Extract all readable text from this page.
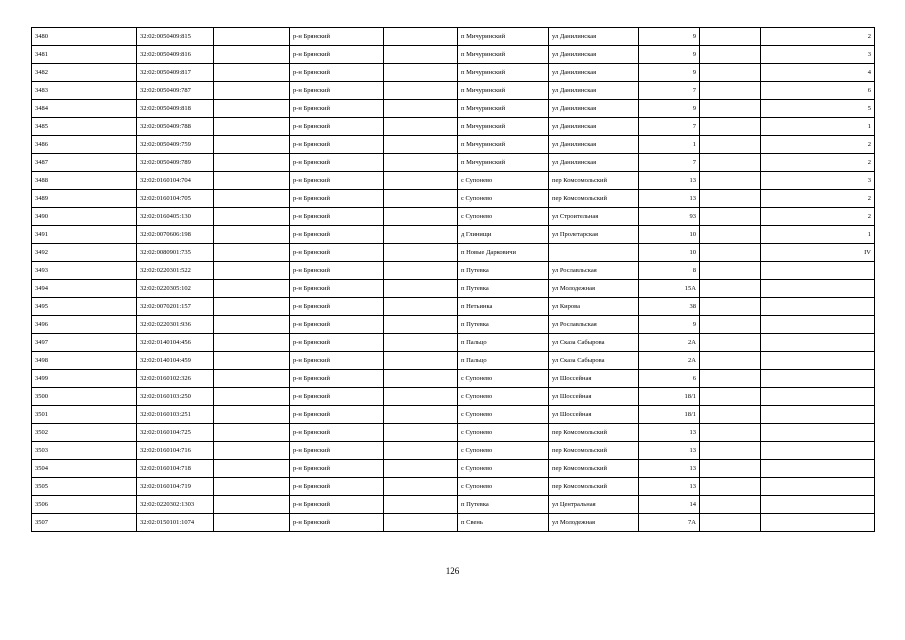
3480	32:02:0050409:815		р-н Брянский		п Мичуринский	ул Данилинская	9		2
3481	32:02:0050409:816		р-н Брянский		п Мичуринский	ул Данилинская	9		3
3482	32:02:0050409:817		р-н Брянский		п Мичуринский	ул Данилинская	9		4
3483	32:02:0050409:787		р-н Брянский		п Мичуринский	ул Данилинская	7		6
3484	32:02:0050409:818		р-н Брянский		п Мичуринский	ул Данилинская	9		5
3485	32:02:0050409:788		р-н Брянский		п Мичуринский	ул Данилинская	7		1
3486	32:02:0050409:759		р-н Брянский		п Мичуринский	ул Данилинская	1		2
3487	32:02:0050409:789		р-н Брянский		п Мичуринский	ул Данилинская	7		2
3488	32:02:0160104:704		р-н Брянский		с Супонево	пер Комсомольский	13		3
3489	32:02:0160104:705		р-н Брянский		с Супонево	пер Комсомольский	13		2
3490	32:02:0160405:130		р-н Брянский		с Супонево	ул Строительная	93		2
3491	32:02:0070606:198		р-н Брянский		д Глинищи	ул Пролетарская	10		1
3492	32:02:0080901:735		р-н Брянский		п Новые Дарковичи		10		IV
3493	32:02:0220301:522		р-н Брянский		п Путевка	ул Рославльская	8		
3494	32:02:0220305:102		р-н Брянский		п Путевка	ул Молодежная	15А		
3495	32:02:0070201:157		р-н Брянский		п Нетьинка	ул Кирова	38		
3496	32:02:0220301:936		р-н Брянский		п Путевка	ул Рославльская	9		
3497	32:02:0140104:456		р-н Брянский		п Пальцо	ул Сказа Сабырова	2А		
3498	32:02:0140104:459		р-н Брянский		п Пальцо	ул Сказа Сабырова	2А		
3499	32:02:0160102:326		р-н Брянский		с Супонево	ул Шоссейная	6		
3500	32:02:0160103:250		р-н Брянский		с Супонево	ул Шоссейная	18/1		
3501	32:02:0160103:251		р-н Брянский		с Супонево	ул Шоссейная	18/1		
3502	32:02:0160104:725		р-н Брянский		с Супонево	пер Комсомольский	13		
3503	32:02:0160104:716		р-н Брянский		с Супонево	пер Комсомольский	13		
3504	32:02:0160104:718		р-н Брянский		с Супонево	пер Комсомольский	13		
3505	32:02:0160104:719		р-н Брянский		с Супонево	пер Комсомольский	13		
3506	32:02:0220302:1303		р-н Брянский		п Путевка	ул Центральная	14		
3507	32:02:0150101:1074		р-н Брянский		п Свень	ул Молодежная	7А		
126
